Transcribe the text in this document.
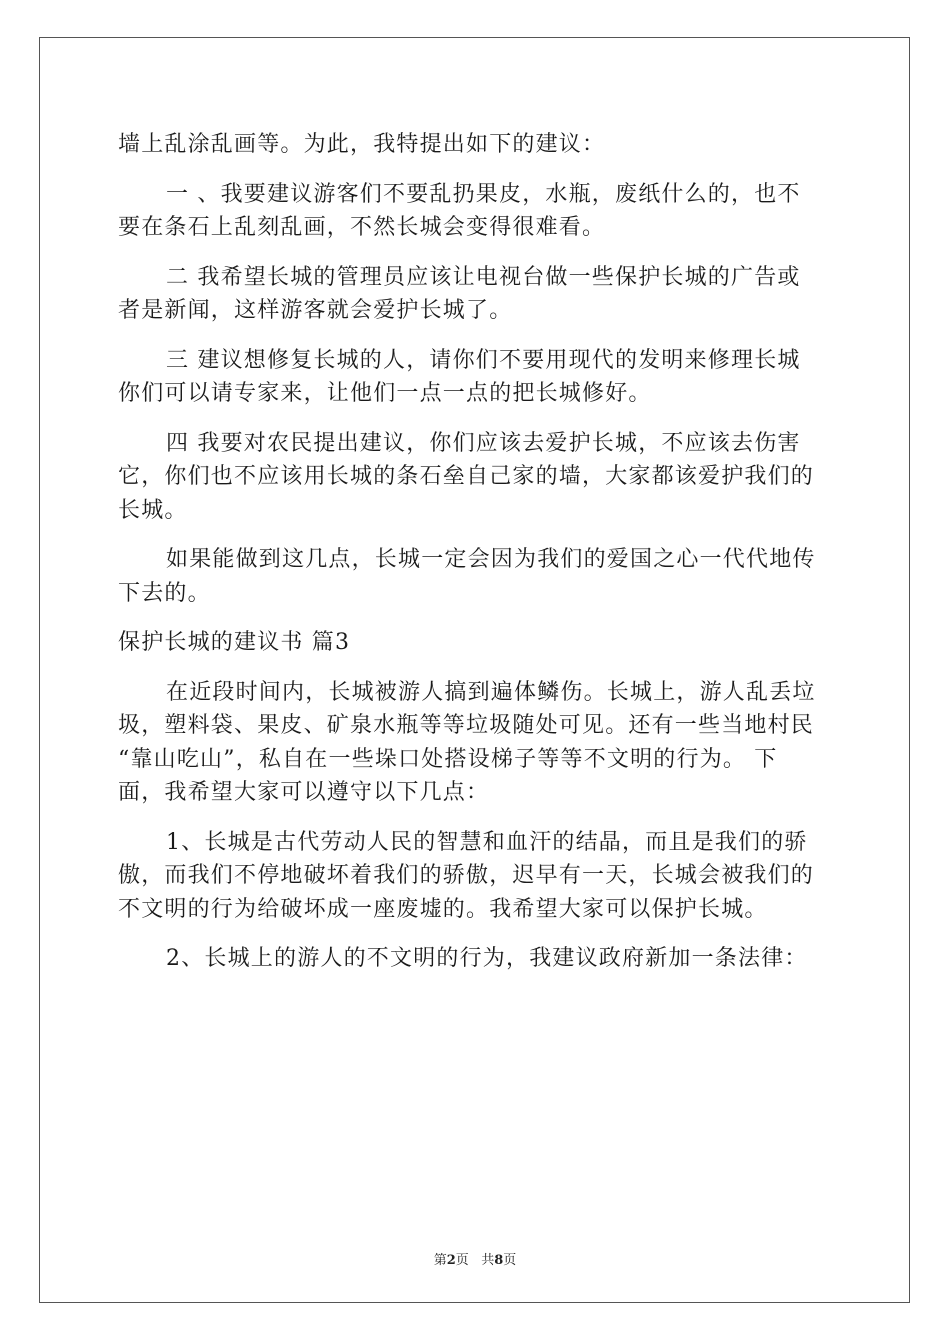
墙上乱涂乱画等。为此，我特提出如下的建议：
一 、我要建议游客们不要乱扔果皮，水瓶，废纸什么的，也不
要在条石上乱刻乱画，不然长城会变得很难看。
二 我希望长城的管理员应该让电视台做一些保护长城的广告或
者是新闻，这样游客就会爱护长城了。
三 建议想修复长城的人，请你们不要用现代的发明来修理长城
你们可以请专家来，让他们一点一点的把长城修好。
四 我要对农民提出建议，你们应该去爱护长城，不应该去伤害
它，你们也不应该用长城的条石垒自己家的墙，大家都该爱护我们的
长城。
如果能做到这几点，长城一定会因为我们的爱国之心一代代地传
下去的。
保护长城的建议书 篇3
在近段时间内，长城被游人搞到遍体鳞伤。长城上，游人乱丢垃
圾，塑料袋、果皮、矿泉水瓶等等垃圾随处可见。还有一些当地村民
“靠山吃山”，私自在一些垛口处搭设梯子等等不文明的行为。 下
面，我希望大家可以遵守以下几点：
1、长城是古代劳动人民的智慧和血汗的结晶，而且是我们的骄
傲，而我们不停地破坏着我们的骄傲，迟早有一天，长城会被我们的
不文明的行为给破坏成一座废墟的。我希望大家可以保护长城。
2、长城上的游人的不文明的行为，我建议政府新加一条法律：
第2页 共8页
